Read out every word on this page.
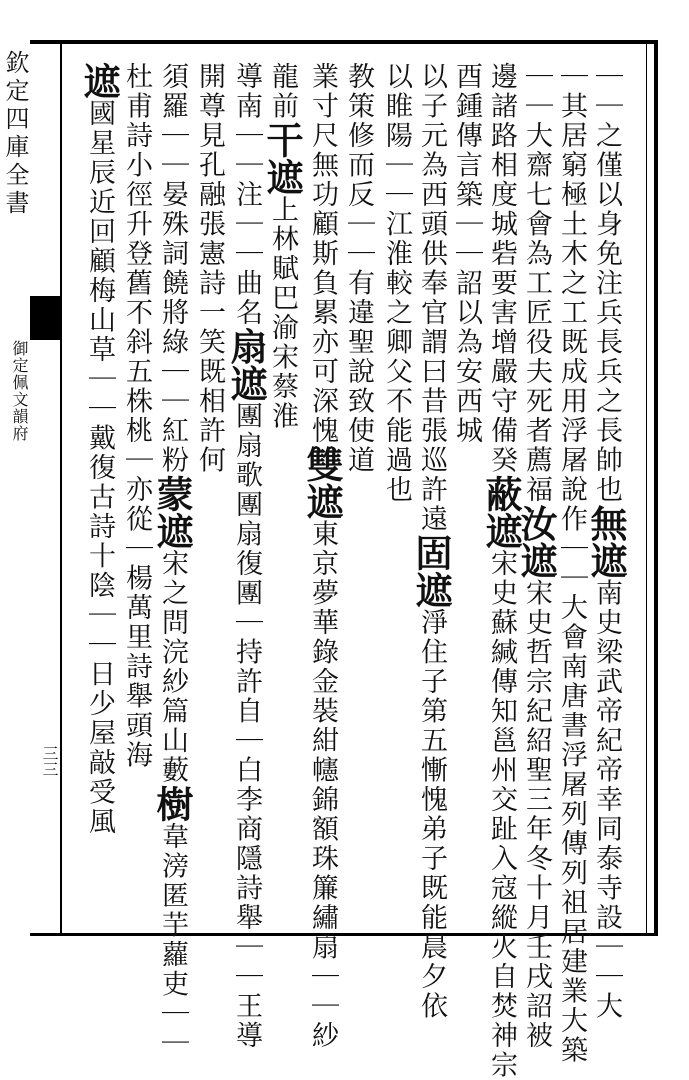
欽定四庫全書
御定佩文韻府
三三
｜｜之僅以身免注兵長兵之長帥也無遮南史梁武帝紀帝幸同泰寺設｜｜大
｜其居窮極土木之工既成用浮屠說作｜｜大會南唐書浮屠列傳列祖居建業大築
｜｜大齋七會為工匠役夫死者薦福汝遮宋史哲宗紀紹聖三年冬十月壬戌詔被
邊諸路相度城砦要害增嚴守備癸蔽遮宋史蘇緘傳知邕州交趾入寇縱火自焚神宗
酉鍾傳言築｜｜詔以為安西城
以子元為西頭供奉官謂曰昔張巡許遠固遮淨住子第五慚愧弟子既能晨夕依
以睢陽｜｜江淮較之卿父不能過也
教策修而反｜｜有違聖說致使道
業寸尺無功顧斯負累亦可深愧雙遮東京夢華錄金裝紺幰錦額珠簾繡扇｜｜紗
龍前干遮上林賦巴渝宋蔡淮
導南｜｜注｜｜曲名扇遮團扇歌團扇復團｜持許自｜白李商隱詩舉｜｜王導
開尊見孔融張憲詩一笑既相許何
須羅｜｜晏殊詞饒將綠｜｜紅粉蒙遮宋之問浣紗篇山藪樹韋滂匿芋蘿吏｜｜
杜甫詩小徑升登舊不斜五株桃｜亦從｜楊萬里詩舉頭海
遮國星辰近回顧梅山草｜｜戴復古詩十陰｜｜日少屋敲受風
